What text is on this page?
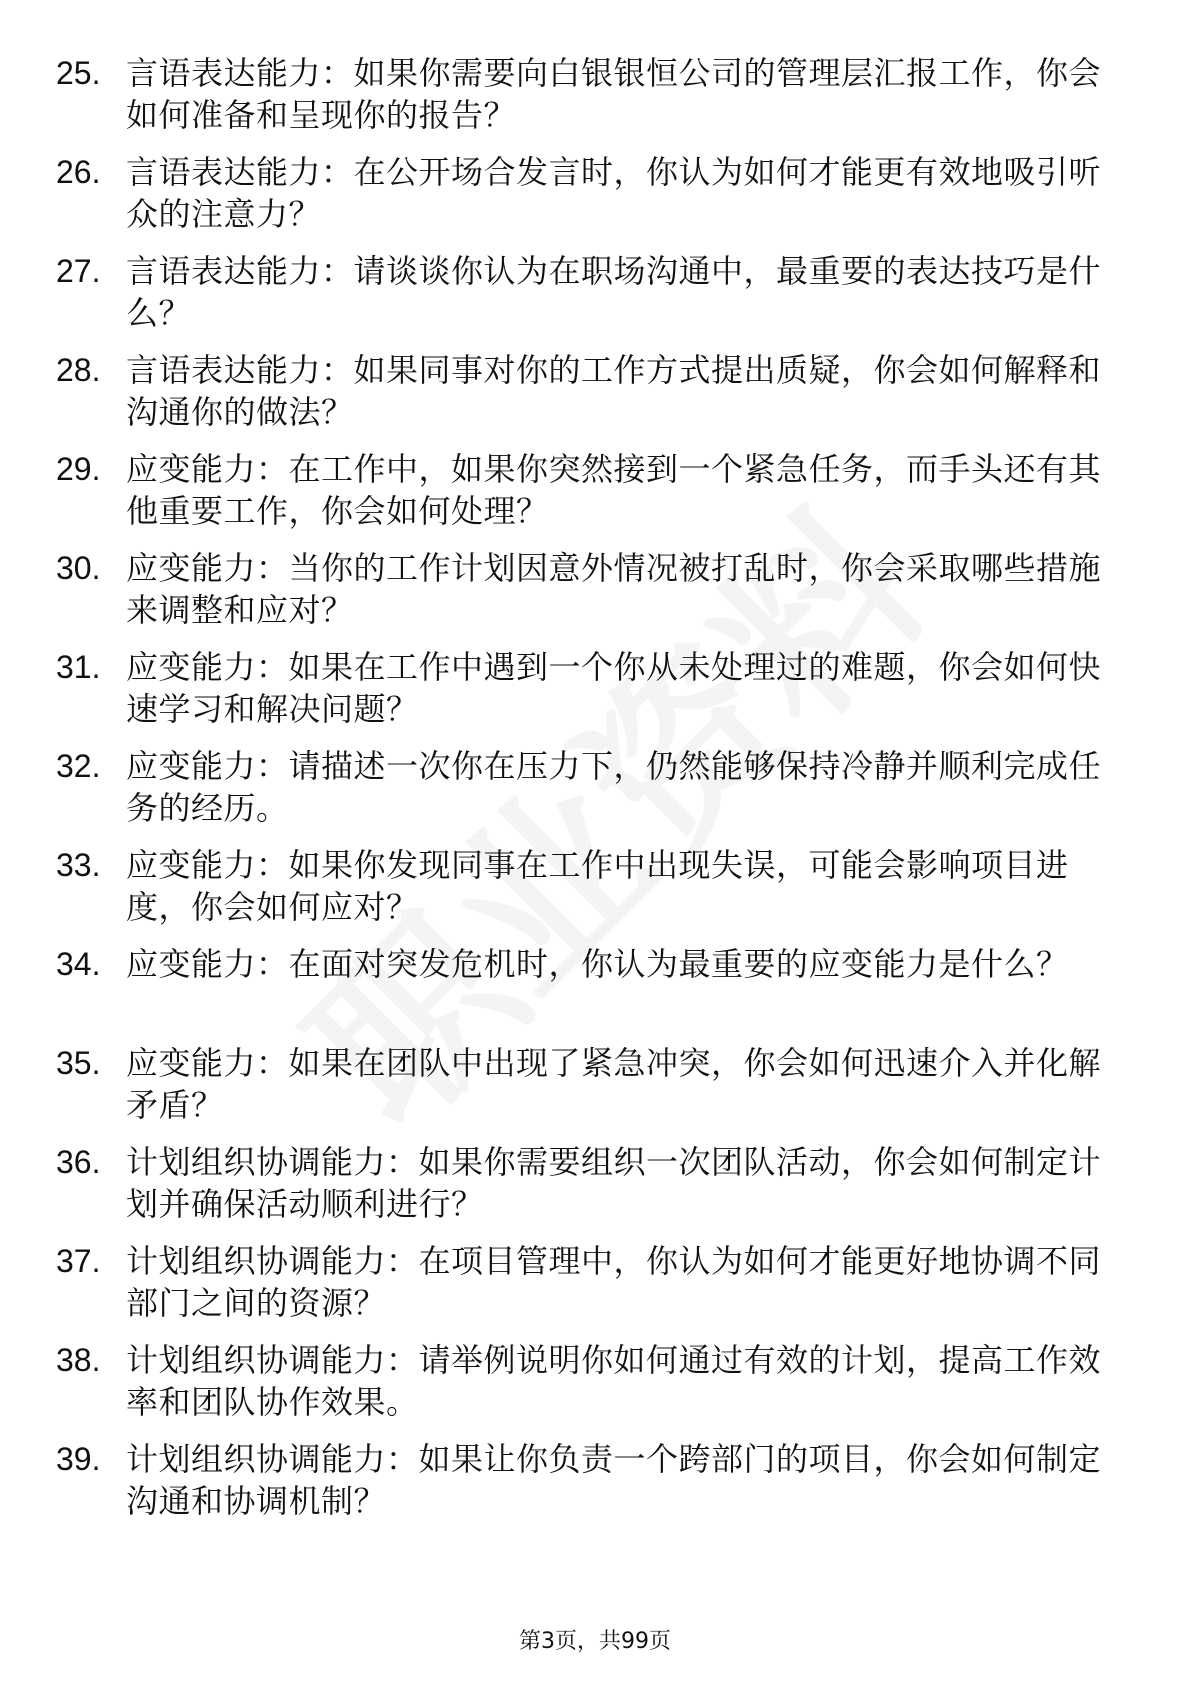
25. 言语表达能力：如果你需要向白银银恒公司的管理层汇报工作，你会如何准备和呈现你的报告？
26. 言语表达能力：在公开场合发言时，你认为如何才能更有效地吸引听众的注意力？
27. 言语表达能力：请谈谈你认为在职场沟通中，最重要的表达技巧是什么？
28. 言语表达能力：如果同事对你的工作方式提出质疑，你会如何解释和沟通你的做法？
29. 应变能力：在工作中，如果你突然接到一个紧急任务，而手头还有其他重要工作，你会如何处理？
30. 应变能力：当你的工作计划因意外情况被打乱时，你会采取哪些措施来调整和应对？
31. 应变能力：如果在工作中遇到一个你从未处理过的难题，你会如何快速学习和解决问题？
32. 应变能力：请描述一次你在压力下，仍然能够保持冷静并顺利完成任务的经历。
33. 应变能力：如果你发现同事在工作中出现失误，可能会影响项目进度，你会如何应对？
34. 应变能力：在面对突发危机时，你认为最重要的应变能力是什么？
35. 应变能力：如果在团队中出现了紧急冲突，你会如何迅速介入并化解矛盾？
36. 计划组织协调能力：如果你需要组织一次团队活动，你会如何制定计划并确保活动顺利进行？
37. 计划组织协调能力：在项目管理中，你认为如何才能更好地协调不同部门之间的资源？
38. 计划组织协调能力：请举例说明你如何通过有效的计划，提高工作效率和团队协作效果。
39. 计划组织协调能力：如果让你负责一个跨部门的项目，你会如何制定沟通和协调机制？
第3页，共99页
